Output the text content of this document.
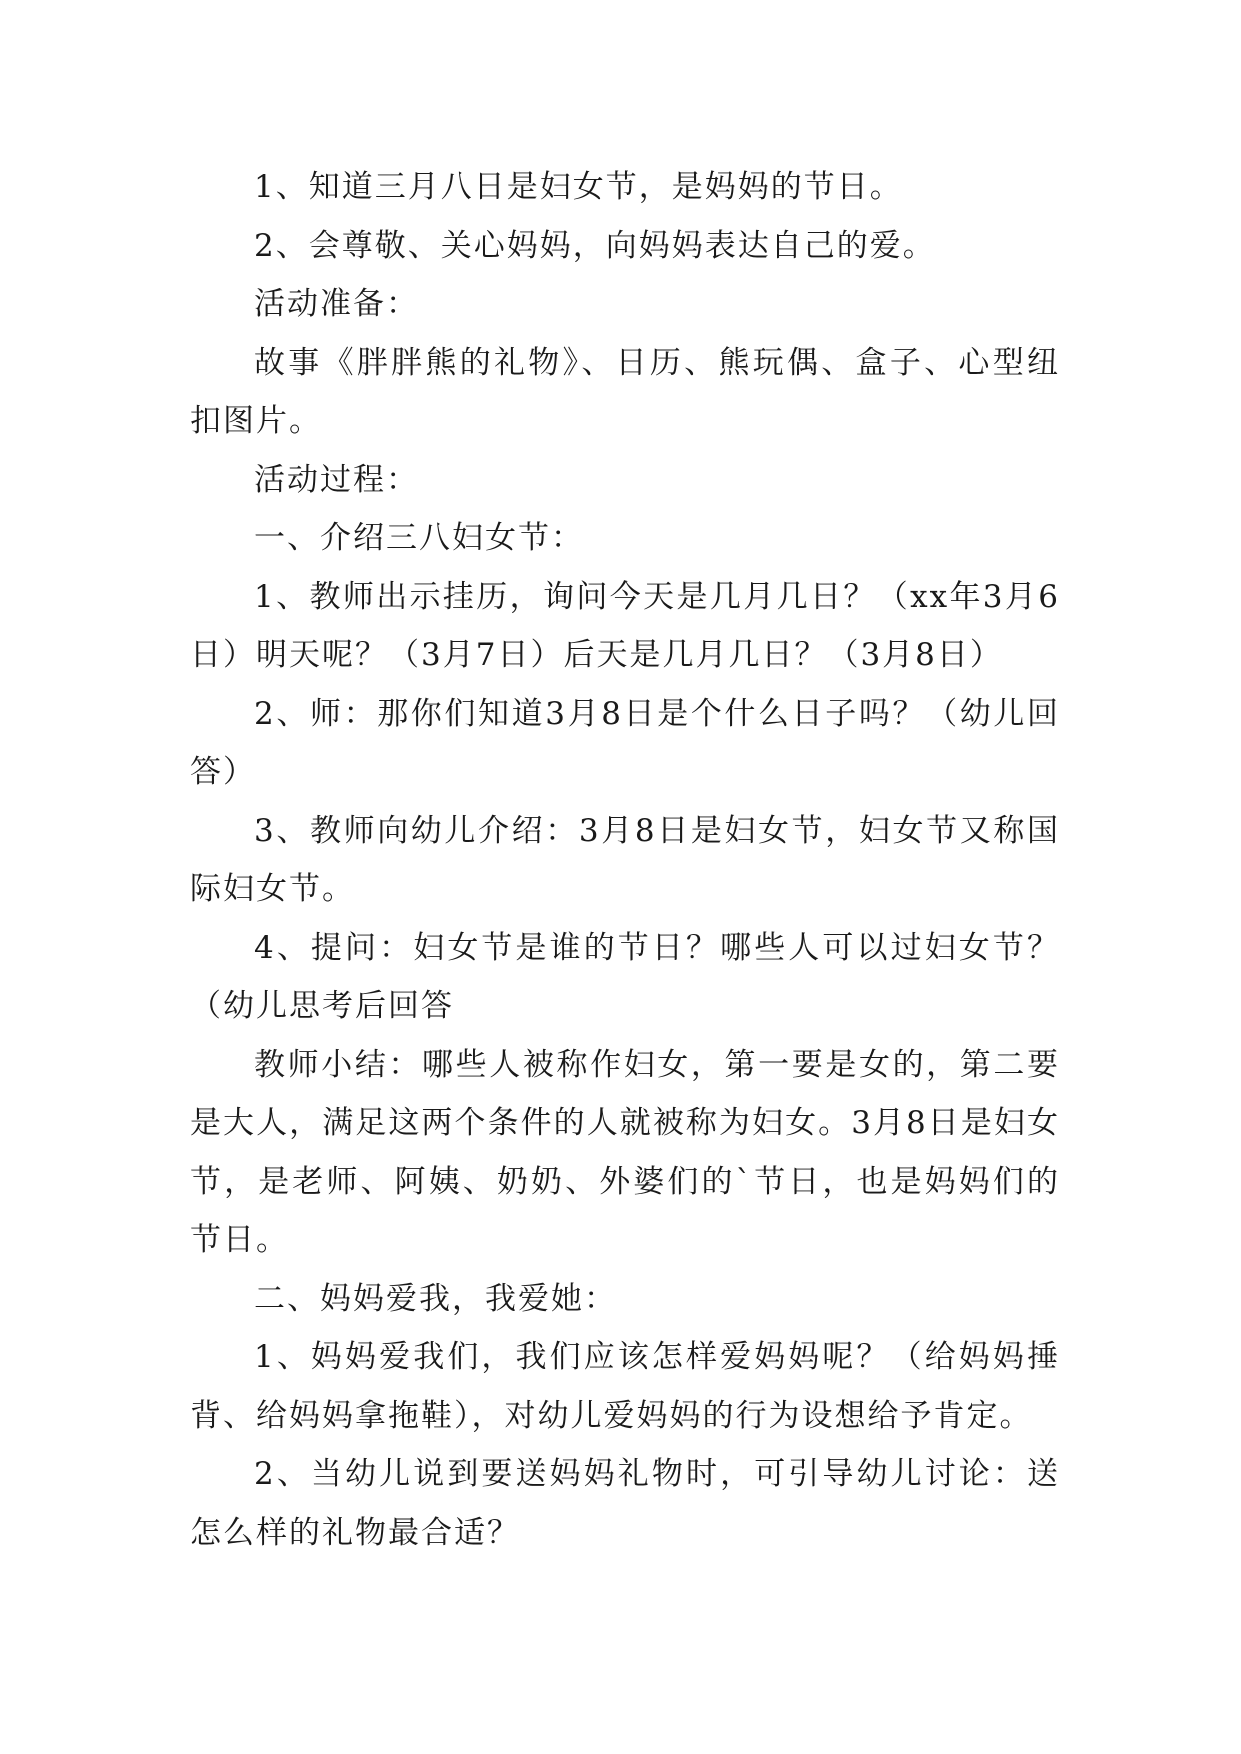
1、知道三月八日是妇女节，是妈妈的节日。

2、会尊敬、关心妈妈，向妈妈表达自己的爱。

活动准备：

故事《胖胖熊的礼物》、日历、熊玩偶、盒子、心型纽扣图片。

活动过程：

一、介绍三八妇女节：

1、教师出示挂历，询问今天是几月几日？（xx年3月6日）明天呢？（3月7日）后天是几月几日？（3月8日）

2、师：那你们知道3月8日是个什么日子吗？（幼儿回答）

3、教师向幼儿介绍：3月8日是妇女节，妇女节又称国际妇女节。

4、提问：妇女节是谁的节日？哪些人可以过妇女节？（幼儿思考后回答

教师小结：哪些人被称作妇女，第一要是女的，第二要是大人，满足这两个条件的人就被称为妇女。3月8日是妇女节，是老师、阿姨、奶奶、外婆们的`节日，也是妈妈们的节日。

二、妈妈爱我，我爱她：

1、妈妈爱我们，我们应该怎样爱妈妈呢？（给妈妈捶背、给妈妈拿拖鞋），对幼儿爱妈妈的行为设想给予肯定。

2、当幼儿说到要送妈妈礼物时，可引导幼儿讨论：送怎么样的礼物最合适？
